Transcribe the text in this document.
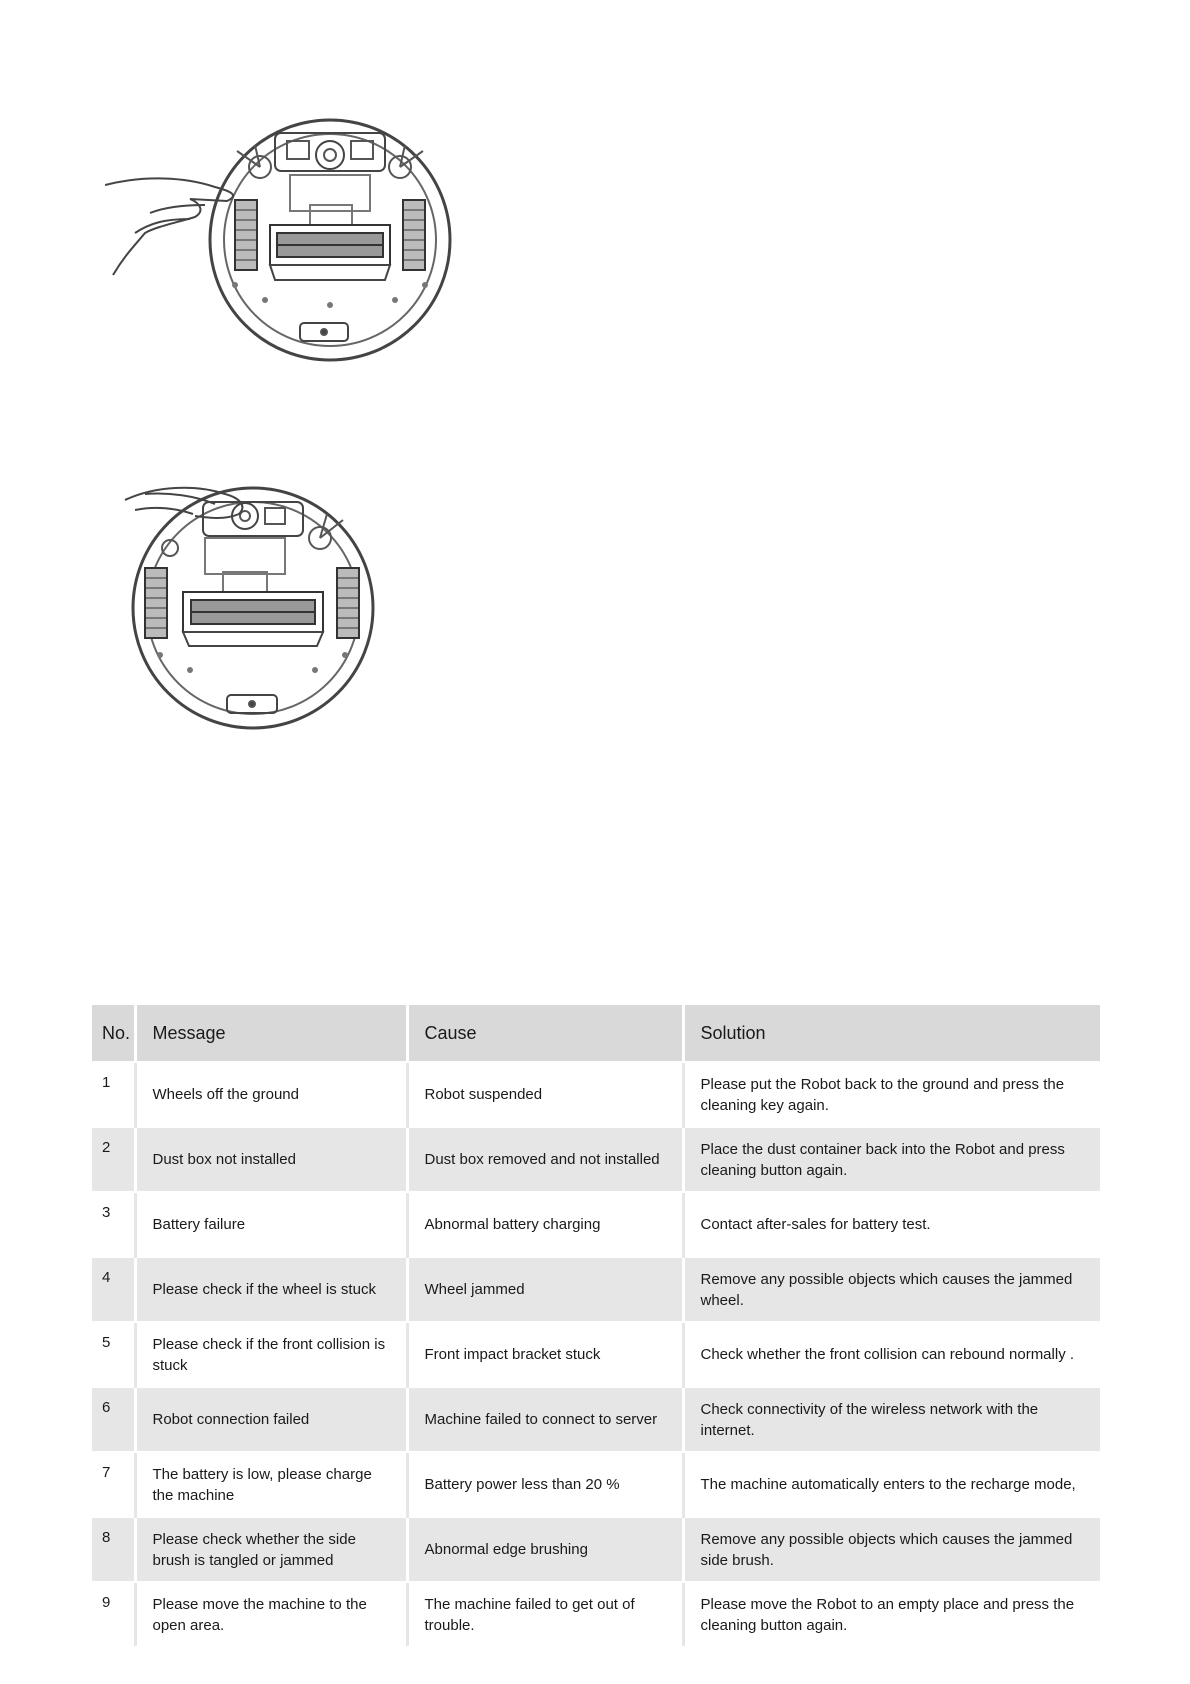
No.	Message	Cause	Solution
1	Wheels off the ground	Robot suspended	Please put the Robot back to the ground and press the cleaning key again.
2	Dust box not installed	Dust box removed and not installed	Place the dust container back into the Robot and press cleaning button again.
3	Battery failure	Abnormal battery charging	Contact after-sales for battery test.
4	Please check if the wheel is stuck	Wheel jammed	Remove any possible objects which causes the jammed wheel.
5	Please check if the front collision is stuck	Front impact bracket stuck	Check whether the front collision can rebound normally .
6	Robot connection failed	Machine failed to connect to server	Check connectivity of the wireless network with the internet.
7	The battery is low, please charge the machine	Battery power less than 20 %	The machine automatically enters to the recharge mode,
8	Please check whether the side brush is tangled or jammed	Abnormal edge brushing	Remove any possible objects which causes the jammed side brush.
9	Please move the machine to the open area.	The machine failed to get out of trouble.	Please move the Robot to an empty place and press the cleaning button again.
